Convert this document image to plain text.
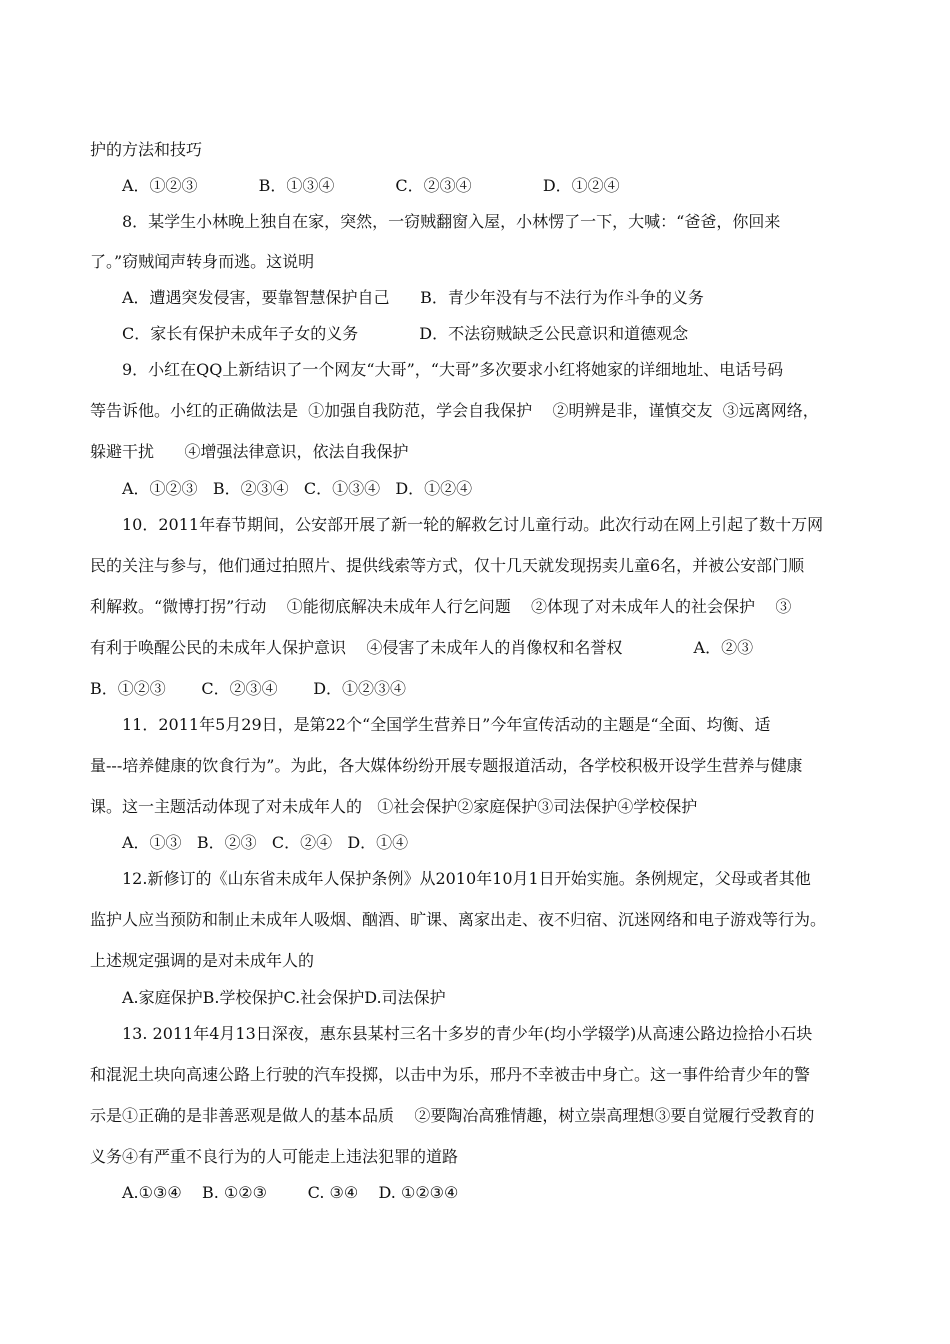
护的方法和技巧
A．①②③            B．①③④            C．②③④              D．①②④
8．某学生小林晚上独自在家，突然，一窃贼翻窗入屋，小林愣了一下，大喊：“爸爸，你回来
了。”窃贼闻声转身而逃。这说明
A．遭遇突发侵害，要靠智慧保护自己      B．青少年没有与不法行为作斗争的义务
C．家长有保护未成年子女的义务            D．不法窃贼缺乏公民意识和道德观念
9．小红在QQ上新结识了一个网友“大哥”，“大哥”多次要求小红将她家的详细地址、电话号码
等告诉他。小红的正确做法是  ①加强自我防范，学会自我保护    ②明辨是非，谨慎交友  ③远离网络，
躲避干扰      ④增强法律意识，依法自我保护
A．①②③   B．②③④   C．①③④   D．①②④
10．2011年春节期间，公安部开展了新一轮的解救乞讨儿童行动。此次行动在网上引起了数十万网
民的关注与参与，他们通过拍照片、提供线索等方式，仅十几天就发现拐卖儿童6名，并被公安部门顺
利解救。“微博打拐”行动    ①能彻底解决未成年人行乞问题    ②体现了对未成年人的社会保护    ③
有利于唤醒公民的未成年人保护意识    ④侵害了未成年人的肖像权和名誉权              A．②③
B．①②③       C．②③④       D．①②③④
11．2011年5月29日，是第22个“全国学生营养日”今年宣传活动的主题是“全面、均衡、适
量---培养健康的饮食行为”。为此，各大媒体纷纷开展专题报道活动，各学校积极开设学生营养与健康
课。这一主题活动体现了对未成年人的   ①社会保护②家庭保护③司法保护④学校保护
A．①③   B．②③   C．②④   D．①④
12.新修订的《山东省未成年人保护条例》从2010年10月1日开始实施。条例规定，父母或者其他
监护人应当预防和制止未成年人吸烟、酗酒、旷课、离家出走、夜不归宿、沉迷网络和电子游戏等行为。
上述规定强调的是对未成年人的
A.家庭保护B.学校保护C.社会保护D.司法保护
13. 2011年4月13日深夜，惠东县某村三名十多岁的青少年(均小学辍学)从高速公路边捡拾小石块
和混泥土块向高速公路上行驶的汽车投掷，以击中为乐，邢丹不幸被击中身亡。这一事件给青少年的警
示是①正确的是非善恶观是做人的基本品质    ②要陶冶高雅情趣，树立崇高理想③要自觉履行受教育的
义务④有严重不良行为的人可能走上违法犯罪的道路
A.①③④    B. ①②③        C. ③④    D. ①②③④
